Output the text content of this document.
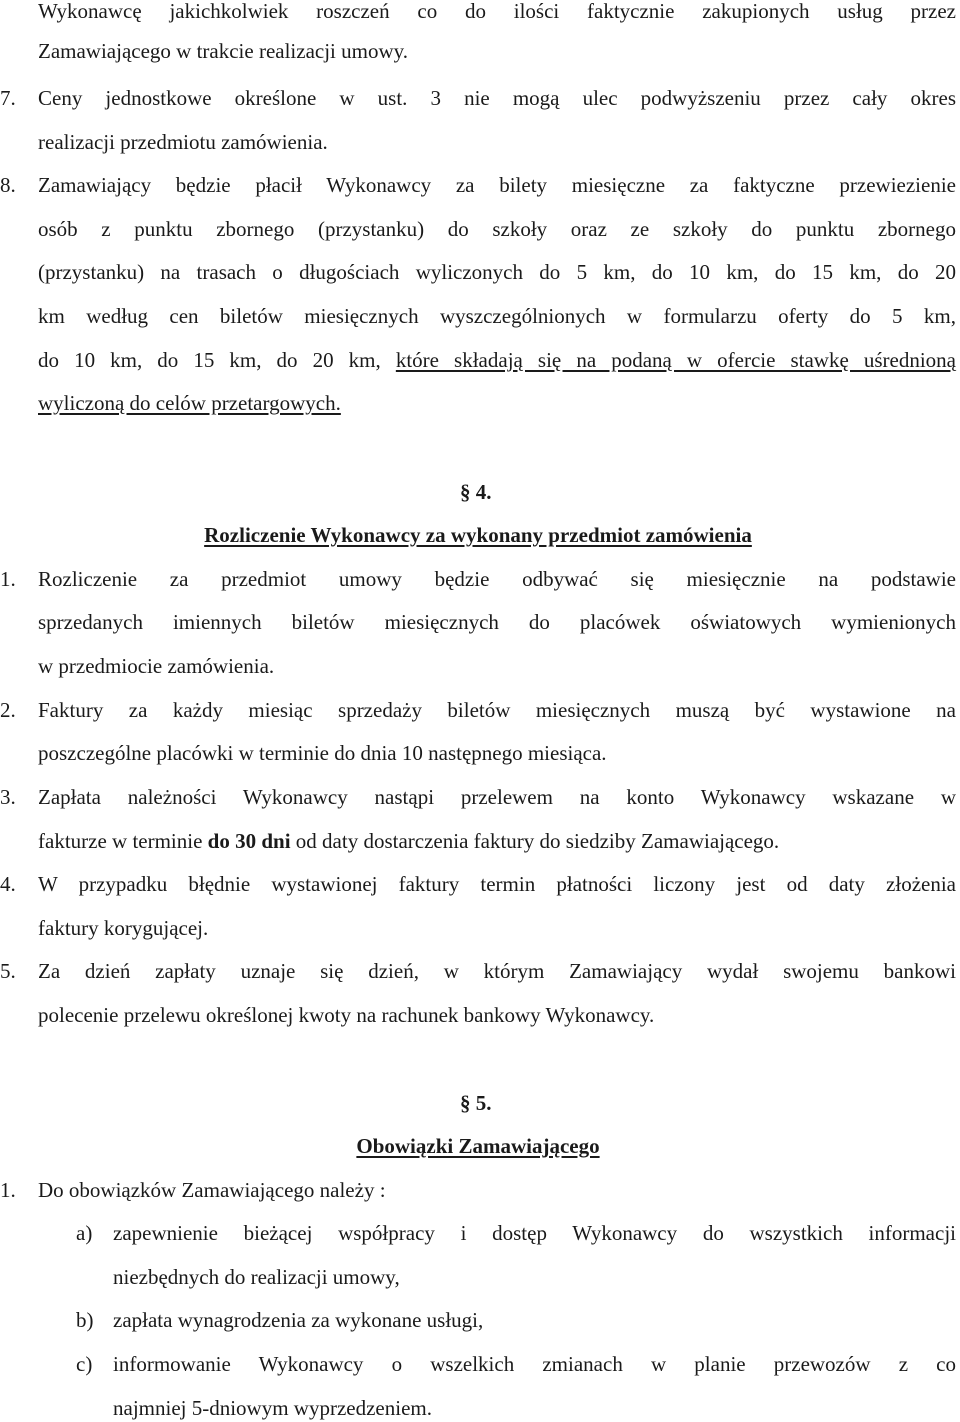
Wykonawcę jakichkolwiek roszczeń co do ilości faktycznie zakupionych usług przez
Zamawiającego w trakcie realizacji umowy.
7.	Ceny jednostkowe określone w ust. 3 nie mogą ulec podwyższeniu przez cały okres
realizacji przedmiotu zamówienia.
8.	Zamawiający będzie płacił Wykonawcy za bilety miesięczne za faktyczne przewiezienie
osób z punktu zbornego (przystanku) do szkoły oraz ze szkoły do punktu zbornego
(przystanku) na trasach o długościach wyliczonych do 5 km, do 10 km, do 15 km, do 20
km według cen biletów miesięcznych wyszczególnionych w formularzu oferty do 5 km,
do 10 km, do 15 km, do 20 km, które składają się na podaną w ofercie stawkę uśrednioną
wyliczoną do celów przetargowych.
§ 4.
Rozliczenie Wykonawcy za wykonany przedmiot zamówienia
1.	Rozliczenie za przedmiot umowy będzie odbywać się miesięcznie na podstawie
sprzedanych imiennych biletów miesięcznych do placówek oświatowych wymienionych
w przedmiocie zamówienia.
2.	Faktury za każdy miesiąc sprzedaży biletów miesięcznych muszą być wystawione na
poszczególne placówki w terminie do dnia 10 następnego miesiąca.
3.	Zapłata należności Wykonawcy nastąpi przelewem na konto Wykonawcy wskazane w
fakturze w terminie do 30 dni od daty dostarczenia faktury do siedziby Zamawiającego.
4.	W przypadku błędnie wystawionej faktury termin płatności liczony jest od daty złożenia
faktury korygującej.
5.	Za dzień zapłaty uznaje się dzień, w którym Zamawiający wydał swojemu bankowi
polecenie przelewu określonej kwoty na rachunek bankowy Wykonawcy.
§ 5.
Obowiązki Zamawiającego
1.	Do obowiązków Zamawiającego należy :
a) zapewnienie bieżącej współpracy i dostęp Wykonawcy do wszystkich informacji
niezbędnych do realizacji umowy,
b) zapłata wynagrodzenia za wykonane usługi,
c) informowanie Wykonawcy o wszelkich zmianach w planie przewozów z co
najmniej 5-dniowym wyprzedzeniem.
